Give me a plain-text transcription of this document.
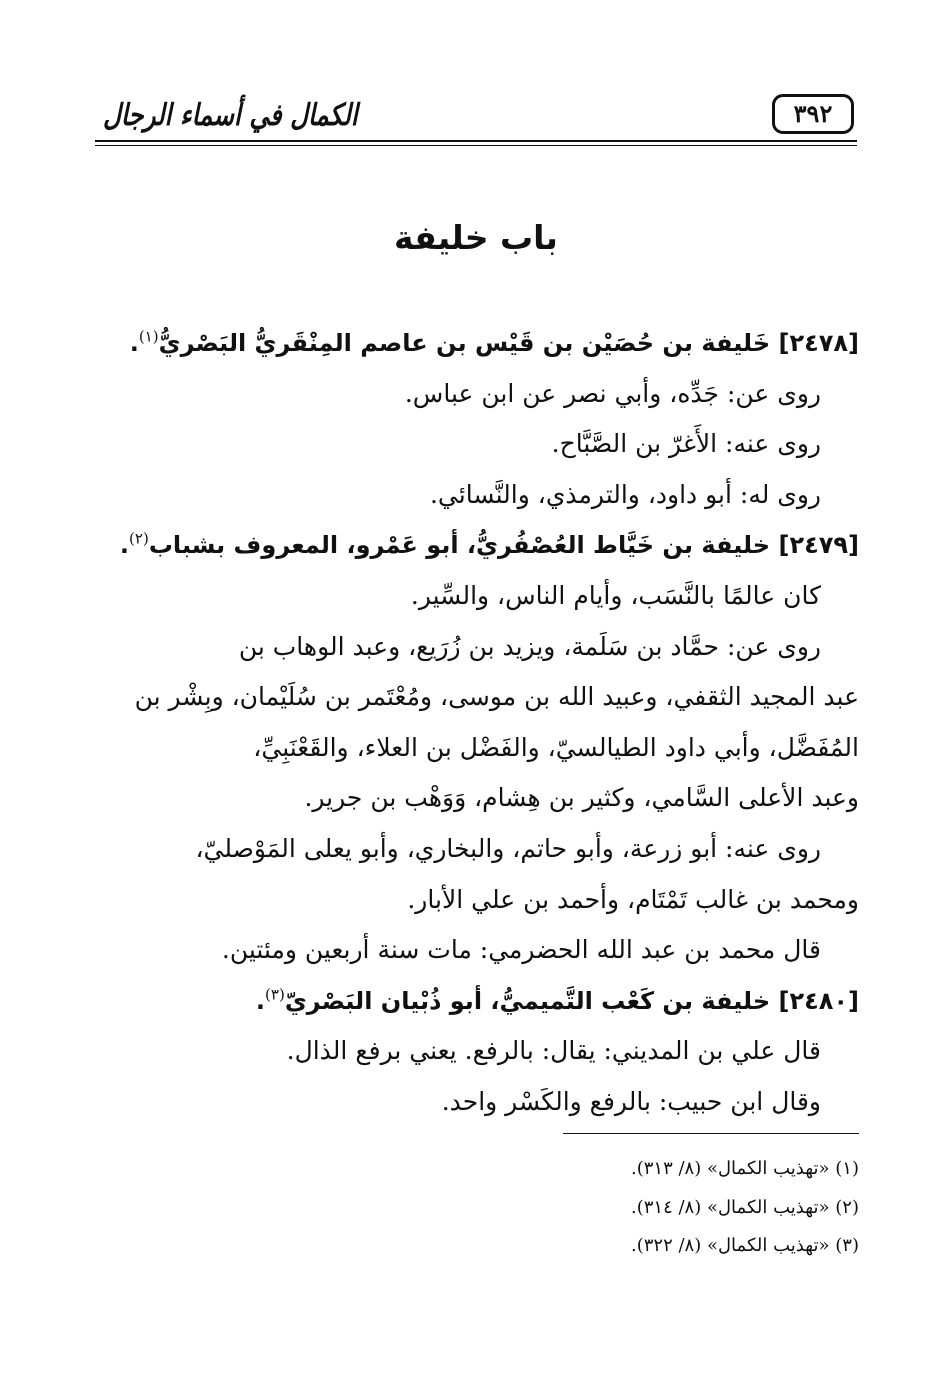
٣٩٢
الكمال في أسماء الرجال
باب خليفة
[٢٤٧٨] خَليفة بن حُصَيْن بن قَيْس بن عاصم المِنْقَريُّ البَصْريُّ$^{(١)}$.
روى عن: جَدِّه، وأبي نصر عن ابن عباس.
روى عنه: الأَغرّ بن الصَّبَّاح.
روى له: أبو داود، والترمذي، والنَّسائي.
[٢٤٧٩] خليفة بن خَيَّاط العُصْفُريُّ، أبو عَمْرو، المعروف بشباب$^{(٢)}$.
كان عالمًا بالنَّسَب، وأيام الناس، والسِّير.
روى عن: حمَّاد بن سَلَمة، ويزيد بن زُرَيع، وعبد الوهاب بن
عبد المجيد الثقفي، وعبيد الله بن موسى، ومُعْتَمر بن سُلَيْمان، وبِشْر بن
المُفَضَّل، وأبي داود الطيالسيّ، والفَضْل بن العلاء، والقَعْنَبِيِّ،
وعبد الأعلى السَّامي، وكثير بن هِشام، وَوَهْب بن جرير.
روى عنه: أبو زرعة، وأبو حاتم، والبخاري، وأبو يعلى المَوْصليّ،
ومحمد بن غالب تَمْتَام، وأحمد بن علي الأبار.
قال محمد بن عبد الله الحضرمي: مات سنة أربعين ومئتين.
[٢٤٨٠] خليفة بن كَعْب التَّميميُّ، أبو ذُبْيان البَصْريّ$^{(٣)}$.
قال علي بن المديني: يقال: بالرفع. يعني برفع الذال.
وقال ابن حبيب: بالرفع والكَسْر واحد.
(١) «تهذيب الكمال» (٨/ ٣١٣).
(٢) «تهذيب الكمال» (٨/ ٣١٤).
(٣) «تهذيب الكمال» (٨/ ٣٢٢).
